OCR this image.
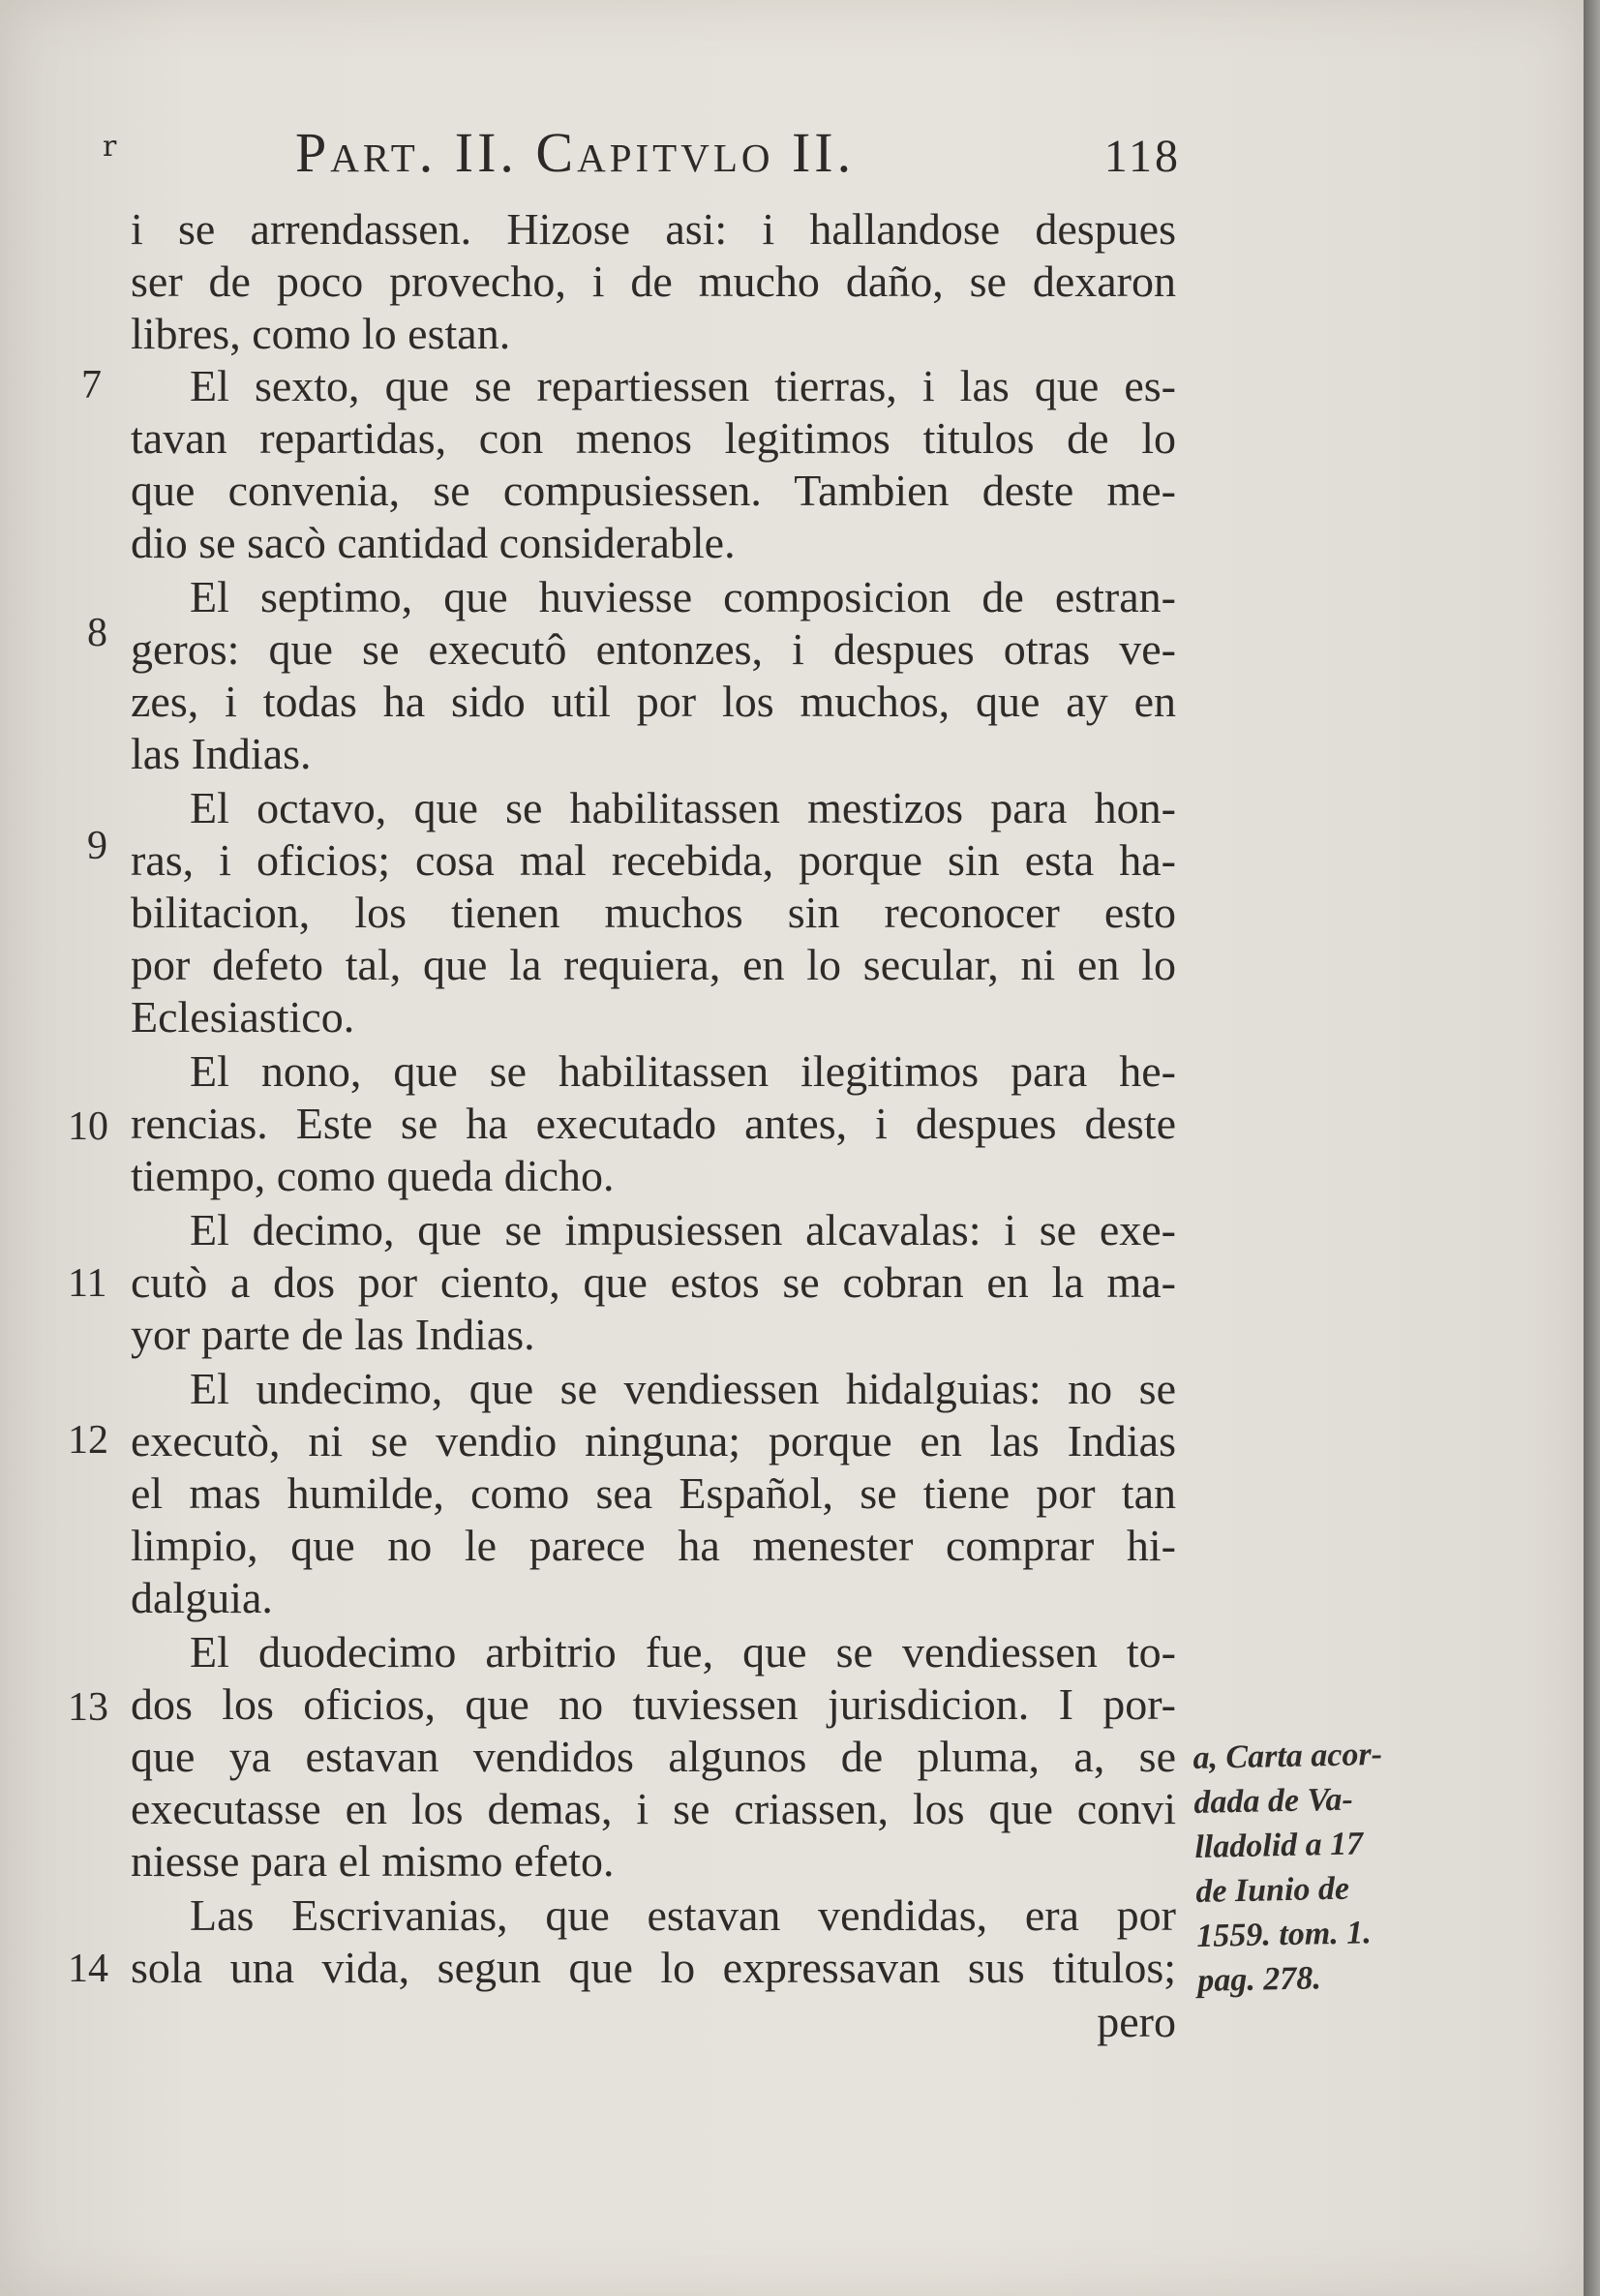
r	Part. II. Capitvlo II.	118
i se arrendassen. Hizose asi: i hallandose despues
ser de poco provecho, i de mucho daño, se dexaron
libres, como lo estan.
El sexto, que se repartiessen tierras, i las que es-
tavan repartidas, con menos legitimos titulos de lo
que convenia, se compusiessen. Tambien deste me-
dio se sacò cantidad considerable.
El septimo, que huviesse composicion de estran-
geros: que se executô entonzes, i despues otras ve-
zes, i todas ha sido util por los muchos, que ay en
las Indias.
El octavo, que se habilitassen mestizos para hon-
ras, i oficios; cosa mal recebida, porque sin esta ha-
bilitacion, los tienen muchos sin reconocer esto
por defeto tal, que la requiera, en lo secular, ni en lo
Eclesiastico.
El nono, que se habilitassen ilegitimos para he-
rencias. Este se ha executado antes, i despues deste
tiempo, como queda dicho.
El decimo, que se impusiessen alcavalas: i se exe-
cutò a dos por ciento, que estos se cobran en la ma-
yor parte de las Indias.
El undecimo, que se vendiessen hidalguias: no se
executò, ni se vendio ninguna; porque en las Indias
el mas humilde, como sea Español, se tiene por tan
limpio, que no le parece ha menester comprar hi-
dalguia.
El duodecimo arbitrio fue, que se vendiessen to-
dos los oficios, que no tuviessen jurisdicion. I por-
que ya estavan vendidos algunos de pluma, a, se
executasse en los demas, i se criassen, los que convi
niesse para el mismo efeto.
Las Escrivanias, que estavan vendidas, era por
sola una vida, segun que lo expressavan sus titulos;
pero
7
8
9
10
11
12
13
14
a, Carta acor-
dada de Va-
lladolid a 17
de Iunio de
1559. tom. 1.
pag. 278.
